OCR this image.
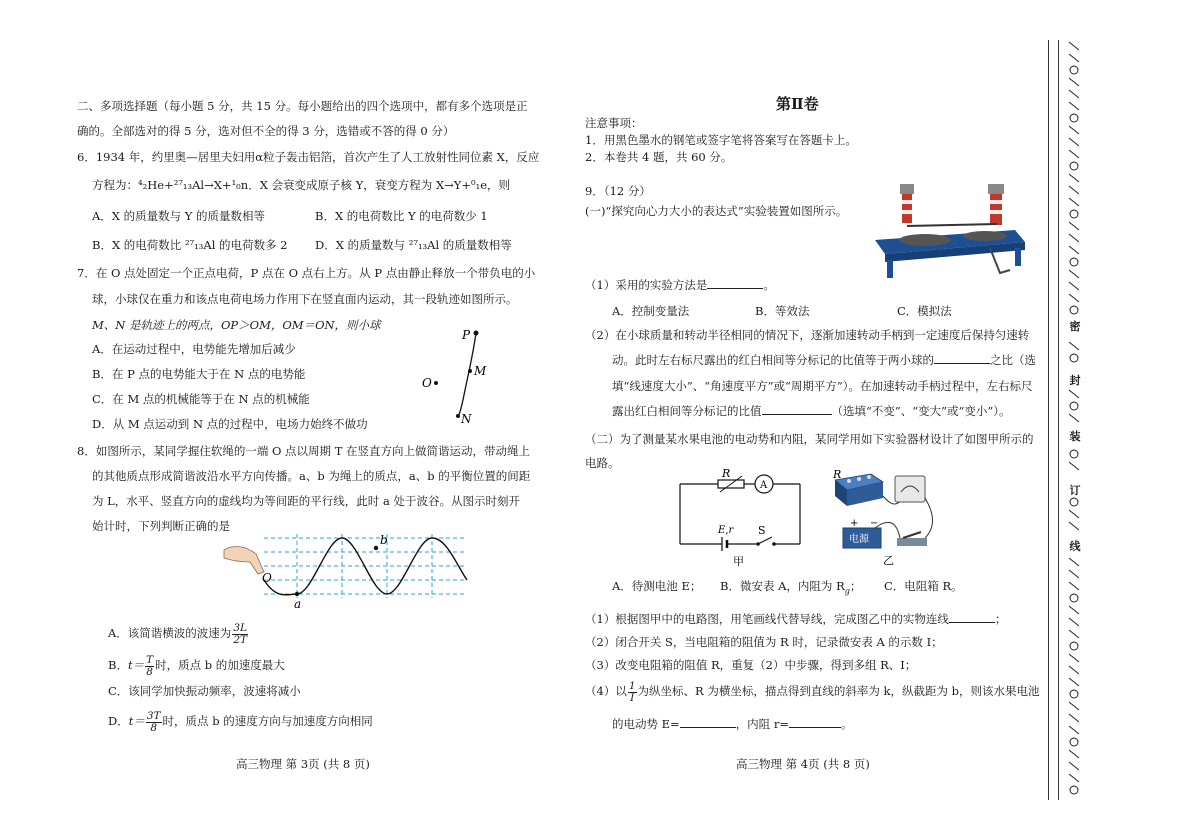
二、多项选择题（每小题 5 分，共 15 分。每小题给出的四个选项中，都有多个选项是正
确的。全部选对的得 5 分，选对但不全的得 3 分，选错或不答的得 0 分）
6．1934 年，约里奥—居里夫妇用α粒子轰击铝箔，首次产生了人工放射性同位素 X，反应
方程为：⁴₂He+²⁷₁₃Al→X+¹₀n．X 会衰变成原子核 Y，衰变方程为 X→Y+⁰₁e，则
A．X 的质量数与 Y 的质量数相等	B．X 的电荷数比 Y 的电荷数少 1
B．X 的电荷数比 ²⁷₁₃Al 的电荷数多 2 D．X 的质量数与 ²⁷₁₃Al 的质量数相等
7．在 O 点处固定一个正点电荷，P 点在 O 点右上方。从 P 点由静止释放一个带负电的小
球，小球仅在重力和该点电荷电场力作用下在竖直面内运动，其一段轨迹如图所示。
M、N 是轨迹上的两点，OP＞OM，OM＝ON，则小球
A．在运动过程中，电势能先增加后减少
B．在 P 点的电势能大于在 N 点的电势能
C．在 M 点的机械能等于在 N 点的机械能
D．从 M 点运动到 N 点的过程中，电场力始终不做功
P
M
O
N
8．如图所示，某同学握住软绳的一端 O 点以周期 T 在竖直方向上做简谐运动，带动绳上
的其他质点形成简谐波沿水平方向传播。a、b 为绳上的质点，a、b 的平衡位置的间距
为 L，水平、竖直方向的虚线均为等间距的平行线，此时 a 处于波谷。从图示时刻开
始计时，下列判断正确的是
O
a
b
A．该简谐横波的波速为 $\frac{3L}{2T}$
B．$t= \frac{T}{8}$ 时，质点 b 的加速度最大
C．该同学加快振动频率，波速将减小
D．$t= \frac{3T}{8}$ 时，质点 b 的速度方向与加速度方向相同
高三物理 第 3页 (共 8 页)
第Ⅱ卷
注意事项：
1．用黑色墨水的钢笔或签字笔将答案写在答题卡上。
2．本卷共 4 题，共 60 分。
9．（12 分）
(一)“探究向心力大小的表达式”实验装置如图所示。
（1）采用的实验方法是	。
A．控制变量法	B．等效法	C．模拟法
（2）在小球质量和转动半径相同的情况下，逐渐加速转动手柄到一定速度后保持匀速转
动。此时左右标尺露出的红白相间等分标记的比值等于两小球的	之比（选
填“线速度大小”、“角速度平方”或“周期平方”）。在加速转动手柄过程中，左右标尺
露出红白相间等分标记的比值	（选填“不变”、“变大”或“变小”）。
（二）为了测量某水果电池的电动势和内阻，某同学用如下实验器材设计了如图甲所示的
电路。
R
A
E,r S
甲
电源
+ −
R
乙
A．待测电池 E； B．微安表 A，内阻为 $R_g$； C．电阻箱 R。
（1）根据图甲中的电路图，用笔画线代替导线，完成图乙中的实物连线	；
（2）闭合开关 S，当电阻箱的阻值为 R 时，记录微安表 A 的示数 I；
（3）改变电阻箱的阻值 R，重复（2）中步骤，得到多组 R、I；
（4）以 $\frac{1}{I}$ 为纵坐标、R 为横坐标，描点得到直线的斜率为 k，纵截距为 b，则该水果电池
的电动势 E=	，内阻 r=	。
高三物理 第 4页 (共 8 页)
密
封
装
订
线
